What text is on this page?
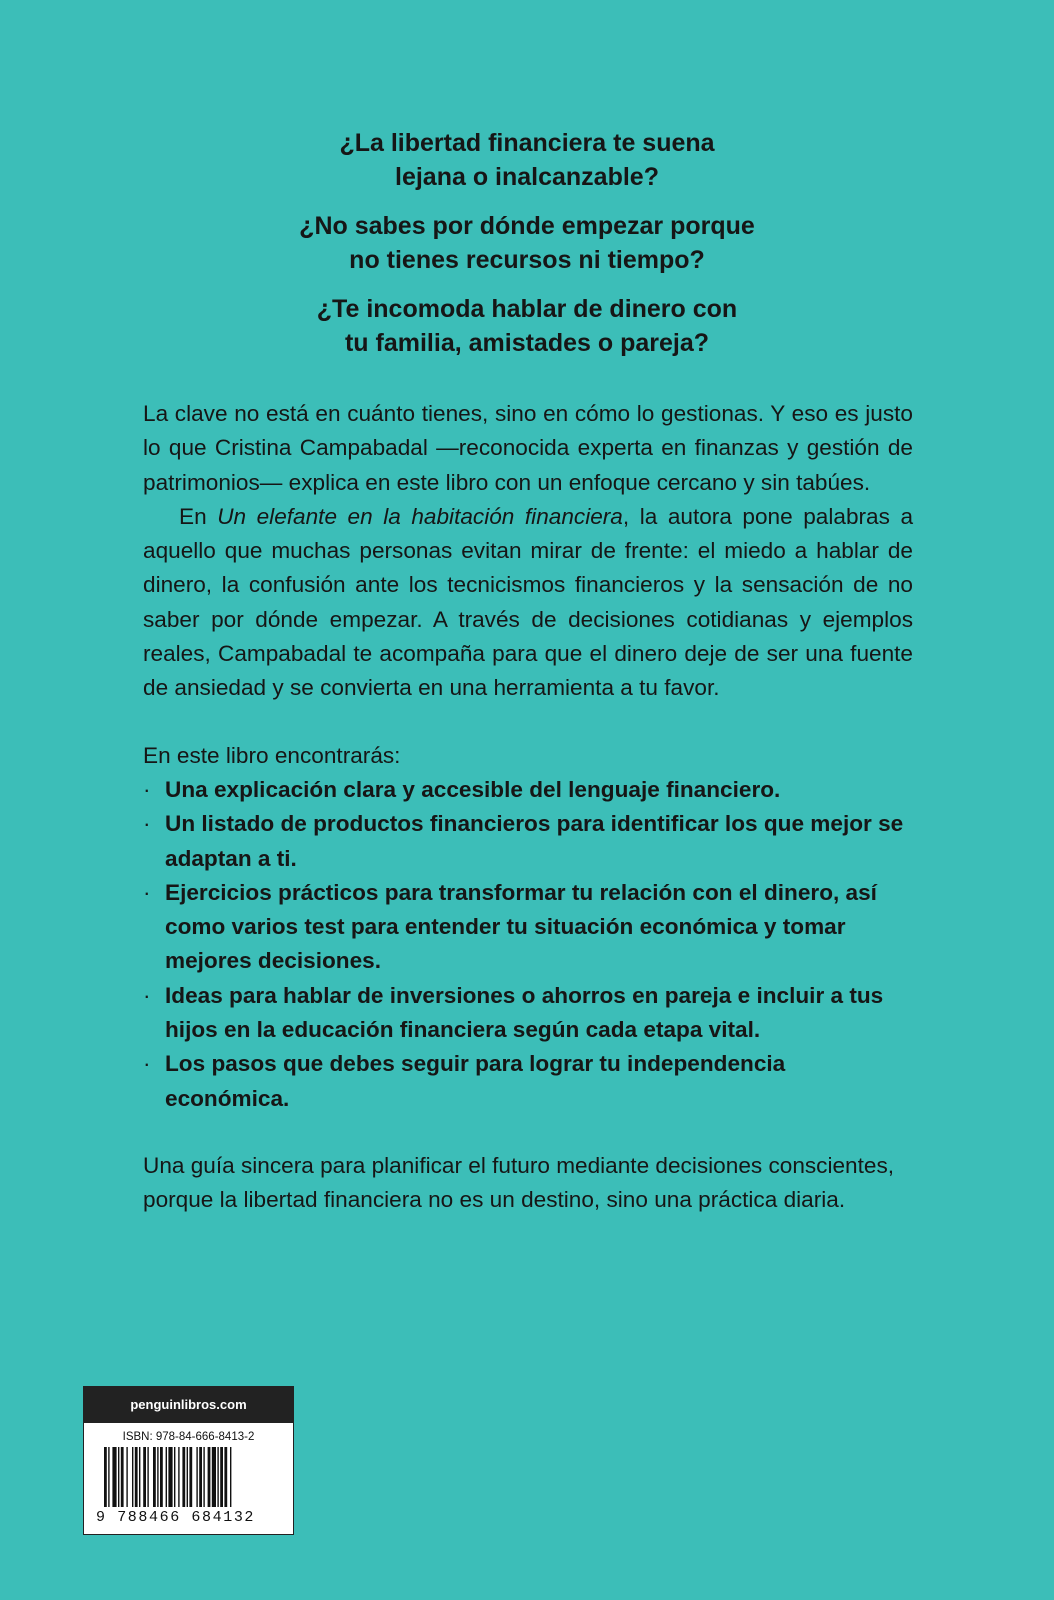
¿La libertad financiera te suena
lejana o inalcanzable?
¿No sabes por dónde empezar porque
no tienes recursos ni tiempo?
¿Te incomoda hablar de dinero con
tu familia, amistades o pareja?

La clave no está en cuánto tienes, sino en cómo lo gestionas. Y eso es justo lo que Cristina Campabadal —reconocida experta en finanzas y gestión de patrimonios— explica en este libro con un enfoque cercano y sin tabúes.

En Un elefante en la habitación financiera, la autora pone palabras a aquello que muchas personas evitan mirar de frente: el miedo a hablar de dinero, la confusión ante los tecnicismos financieros y la sensación de no saber por dónde empezar. A través de decisiones cotidianas y ejemplos reales, Campabadal te acompaña para que el dinero deje de ser una fuente de ansiedad y se convierta en una herramienta a tu favor.

En este libro encontrarás:

· Una explicación clara y accesible del lenguaje financiero.
· Un listado de productos financieros para identificar los que mejor se adaptan a ti.
· Ejercicios prácticos para transformar tu relación con el dinero, así como varios test para entender tu situación económica y tomar mejores decisiones.
· Ideas para hablar de inversiones o ahorros en pareja e incluir a tus hijos en la educación financiera según cada etapa vital.
· Los pasos que debes seguir para lograr tu independencia económica.

Una guía sincera para planificar el futuro mediante decisiones conscientes, porque la libertad financiera no es un destino, sino una práctica diaria.

penguinlibros.com
ISBN: 978-84-666-8413-2
9 788466 684132
